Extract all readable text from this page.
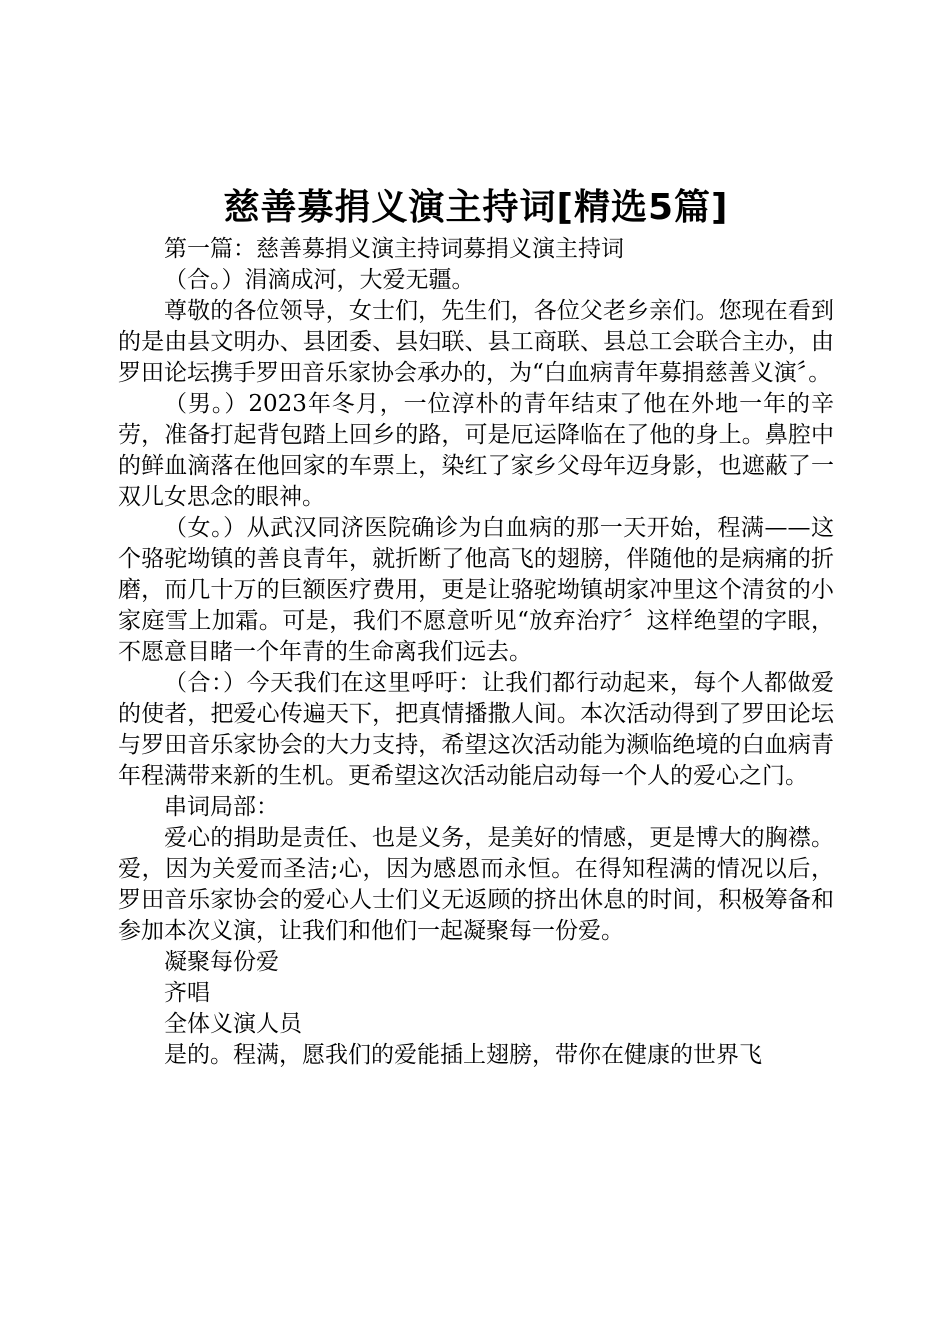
慈善募捐义演主持词[精选5篇]

第一篇：慈善募捐义演主持词募捐义演主持词

（合。）涓滴成河，大爱无疆。

尊敬的各位领导，女士们，先生们，各位父老乡亲们。您现在看到的是由县文明办、县团委、县妇联、县工商联、县总工会联合主办，由罗田论坛携手罗田音乐家协会承办的，为“白血病青年募捐慈善义演〞。

（男。）2023年冬月，一位淳朴的青年结束了他在外地一年的辛劳，准备打起背包踏上回乡的路，可是厄运降临在了他的身上。鼻腔中的鲜血滴落在他回家的车票上，染红了家乡父母年迈身影，也遮蔽了一双儿女思念的眼神。

（女。）从武汉同济医院确诊为白血病的那一天开始，程满——这个骆驼坳镇的善良青年，就折断了他高飞的翅膀，伴随他的是病痛的折磨，而几十万的巨额医疗费用，更是让骆驼坳镇胡家冲里这个清贫的小家庭雪上加霜。可是，我们不愿意听见“放弃治疗〞这样绝望的字眼，不愿意目睹一个年青的生命离我们远去。

（合：）今天我们在这里呼吁：让我们都行动起来，每个人都做爱的使者，把爱心传遍天下，把真情播撒人间。本次活动得到了罗田论坛与罗田音乐家协会的大力支持，希望这次活动能为濒临绝境的白血病青年程满带来新的生机。更希望这次活动能启动每一个人的爱心之门。

串词局部：

爱心的捐助是责任、也是义务，是美好的情感，更是博大的胸襟。爱，因为关爱而圣洁;心，因为感恩而永恒。在得知程满的情况以后，罗田音乐家协会的爱心人士们义无返顾的挤出休息的时间，积极筹备和参加本次义演，让我们和他们一起凝聚每一份爱。

凝聚每份爱

齐唱

全体义演人员

是的。程满，愿我们的爱能插上翅膀，带你在健康的世界飞
